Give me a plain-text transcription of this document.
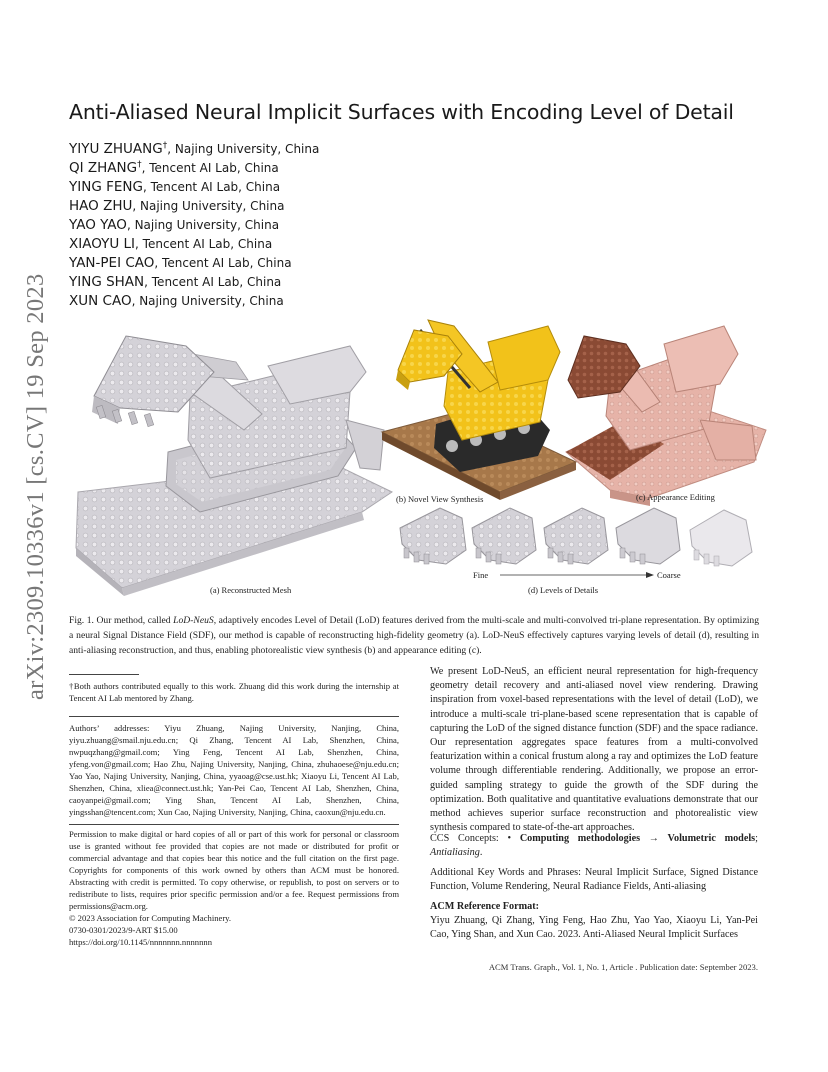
arXiv:2309.10336v1 [cs.CV] 19 Sep 2023
Anti-Aliased Neural Implicit Surfaces with Encoding Level of Detail
YIYU ZHUANG†, Najing University, China
QI ZHANG†, Tencent AI Lab, China
YING FENG, Tencent AI Lab, China
HAO ZHU, Najing University, China
YAO YAO, Najing University, China
XIAOYU LI, Tencent AI Lab, China
YAN-PEI CAO, Tencent AI Lab, China
YING SHAN, Tencent AI Lab, China
XUN CAO, Najing University, China
(a) Reconstructed Mesh
(b) Novel View Synthesis	(c) Appearance Editing
(d) Levels of Details
Fine	Coarse
Fig. 1. Our method, called LoD-NeuS, adaptively encodes Level of Detail (LoD) features derived from the multi-scale and multi-convolved tri-plane representation. By optimizing a neural Signal Distance Field (SDF), our method is capable of reconstructing high-fidelity geometry (a). LoD-NeuS effectively captures varying levels of detail (d), resulting in anti-aliasing reconstruction, and thus, enabling photorealistic view synthesis (b) and appearance editing (c).
†Both authors contributed equally to this work. Zhuang did this work during the internship at Tencent AI Lab mentored by Zhang.
Authors’ addresses: Yiyu Zhuang, Najing University, Nanjing, China, yiyu.zhuang@smail.nju.edu.cn; Qi Zhang, Tencent AI Lab, Shenzhen, China, nwpuqzhang@gmail.com; Ying Feng, Tencent AI Lab, Shenzhen, China, yfeng.von@gmail.com; Hao Zhu, Najing University, Nanjing, China, zhuhaoese@nju.edu.cn; Yao Yao, Najing University, Nanjing, China, yyaoag@cse.ust.hk; Xiaoyu Li, Tencent AI Lab, Shenzhen, China, xliea@connect.ust.hk; Yan-Pei Cao, Tencent AI Lab, Shenzhen, China, caoyanpei@gmail.com; Ying Shan, Tencent AI Lab, Shenzhen, China, yingsshan@tencent.com; Xun Cao, Najing University, Nanjing, China, caoxun@nju.edu.cn.

Permission to make digital or hard copies of all or part of this work for personal or classroom use is granted without fee provided that copies are not made or distributed for profit or commercial advantage and that copies bear this notice and the full citation on the first page. Copyrights for components of this work owned by others than ACM must be honored. Abstracting with credit is permitted. To copy otherwise, or republish, to post on servers or to redistribute to lists, requires prior specific permission and/or a fee. Request permissions from permissions@acm.org.

© 2023 Association for Computing Machinery.

0730-0301/2023/9-ART $15.00

https://doi.org/10.1145/nnnnnnn.nnnnnnn

We present LoD-NeuS, an efficient neural representation for high-frequency geometry detail recovery and anti-aliased novel view rendering. Drawing inspiration from voxel-based representations with the level of detail (LoD), we introduce a multi-scale tri-plane-based scene representation that is capable of capturing the LoD of the signed distance function (SDF) and the space radiance. Our representation aggregates space features from a multi-convolved featurization within a conical frustum along a ray and optimizes the LoD feature volume through differentiable rendering. Additionally, we propose an error-guided sampling strategy to guide the growth of the SDF during the optimization. Both qualitative and quantitative evaluations demonstrate that our method achieves superior surface reconstruction and photorealistic view synthesis compared to state-of-the-art approaches.
CCS Concepts: • Computing methodologies → Volumetric models; Antialiasing.
Additional Key Words and Phrases: Neural Implicit Surface, Signed Distance Function, Volume Rendering, Neural Radiance Fields, Anti-aliasing

ACM Reference Format:

Yiyu Zhuang, Qi Zhang, Ying Feng, Hao Zhu, Yao Yao, Xiaoyu Li, Yan-Pei Cao, Ying Shan, and Xun Cao. 2023. Anti-Aliased Neural Implicit Surfaces

ACM Trans. Graph., Vol. 1, No. 1, Article . Publication date: September 2023.
